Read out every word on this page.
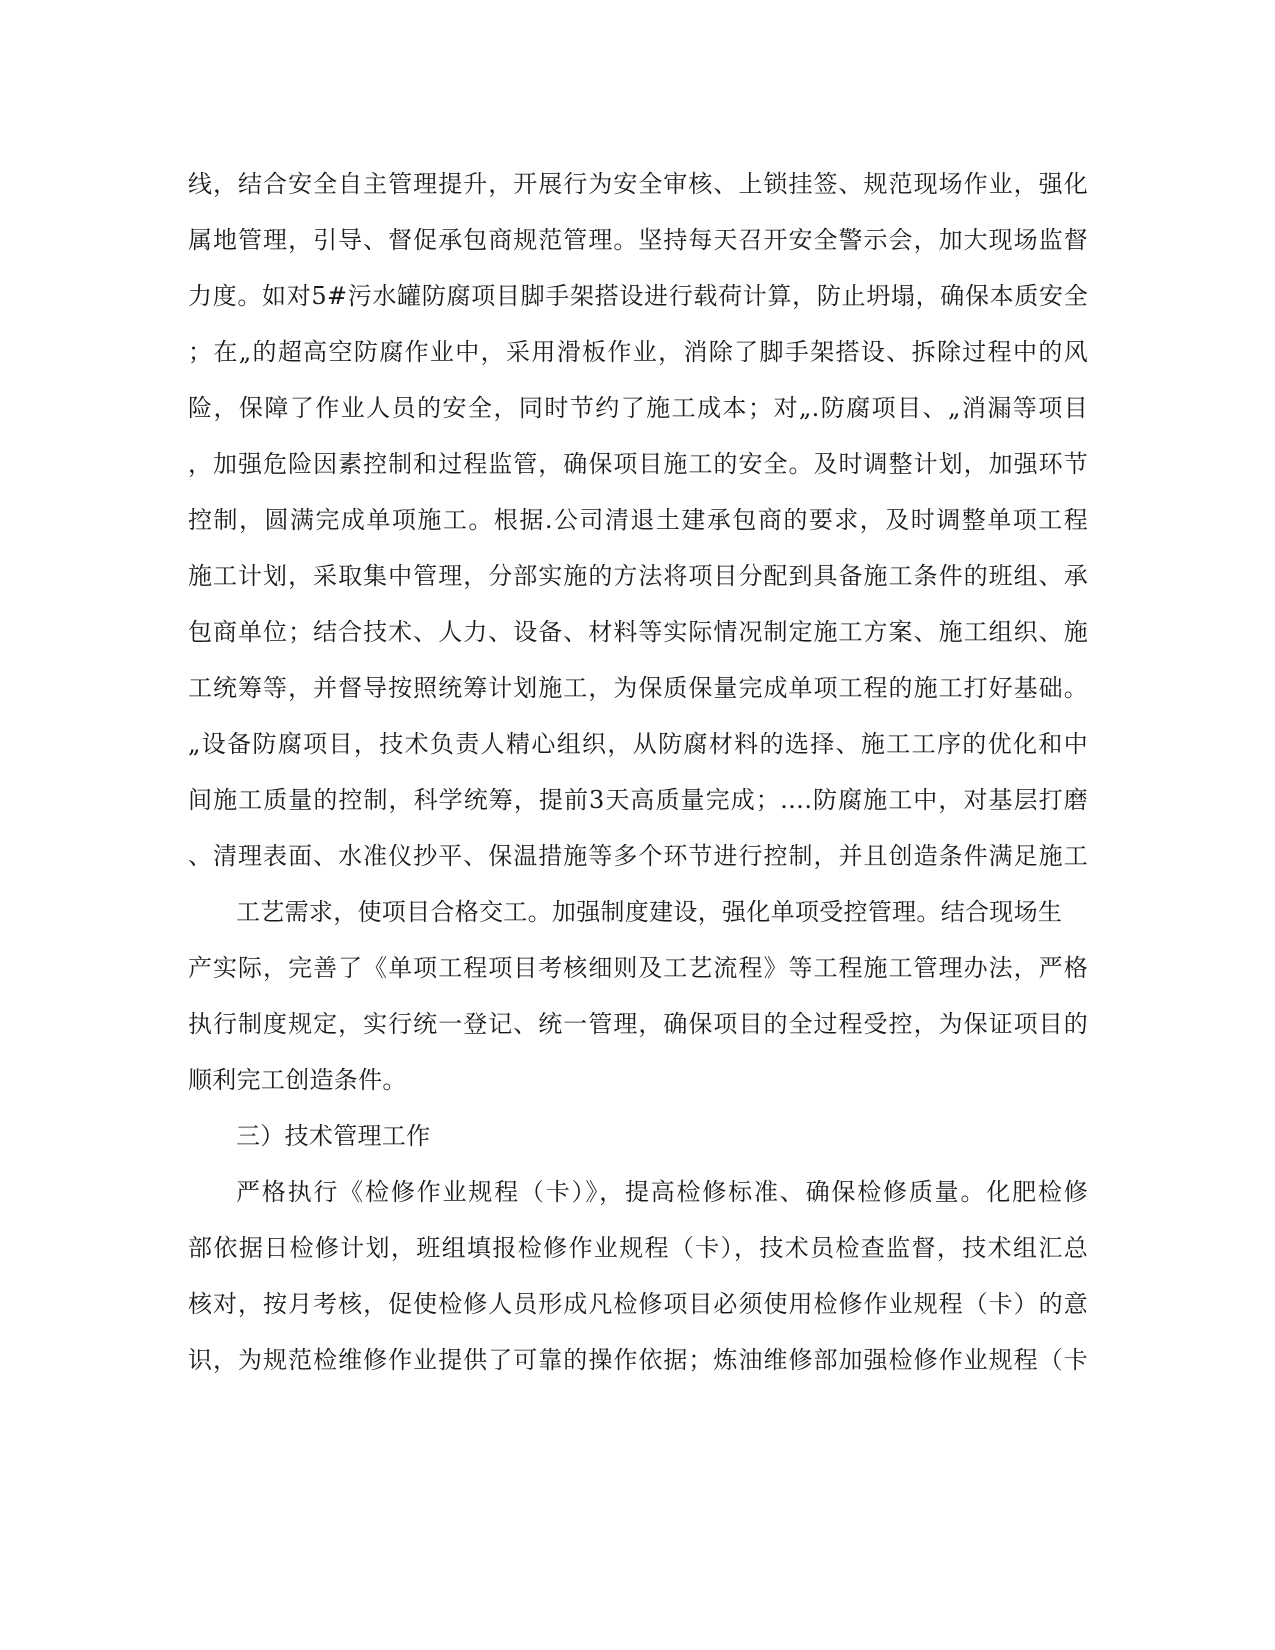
线，结合安全自主管理提升，开展行为安全审核、上锁挂签、规范现场作业，强化
属地管理，引导、督促承包商规范管理。坚持每天召开安全警示会，加大现场监督
力度。如对5#污水罐防腐项目脚手架搭设进行载荷计算，防止坍塌，确保本质安全
；在„的超高空防腐作业中，采用滑板作业，消除了脚手架搭设、拆除过程中的风
险，保障了作业人员的安全，同时节约了施工成本；对„.防腐项目、„消漏等项目
，加强危险因素控制和过程监管，确保项目施工的安全。及时调整计划，加强环节
控制，圆满完成单项施工。根据.公司清退土建承包商的要求，及时调整单项工程
施工计划，采取集中管理，分部实施的方法将项目分配到具备施工条件的班组、承
包商单位；结合技术、人力、设备、材料等实际情况制定施工方案、施工组织、施
工统筹等，并督导按照统筹计划施工，为保质保量完成单项工程的施工打好基础。
„设备防腐项目，技术负责人精心组织，从防腐材料的选择、施工工序的优化和中
间施工质量的控制，科学统筹，提前3天高质量完成；….防腐施工中，对基层打磨
、清理表面、水准仪抄平、保温措施等多个环节进行控制，并且创造条件满足施工
工艺需求，使项目合格交工。加强制度建设，强化单项受控管理。结合现场生
产实际，完善了《单项工程项目考核细则及工艺流程》等工程施工管理办法，严格
执行制度规定，实行统一登记、统一管理，确保项目的全过程受控，为保证项目的
顺利完工创造条件。
三）技术管理工作
严格执行《检修作业规程（卡）》，提高检修标准、确保检修质量。化肥检修
部依据日检修计划，班组填报检修作业规程（卡），技术员检查监督，技术组汇总
核对，按月考核，促使检修人员形成凡检修项目必须使用检修作业规程（卡）的意
识，为规范检维修作业提供了可靠的操作依据；炼油维修部加强检修作业规程（卡
